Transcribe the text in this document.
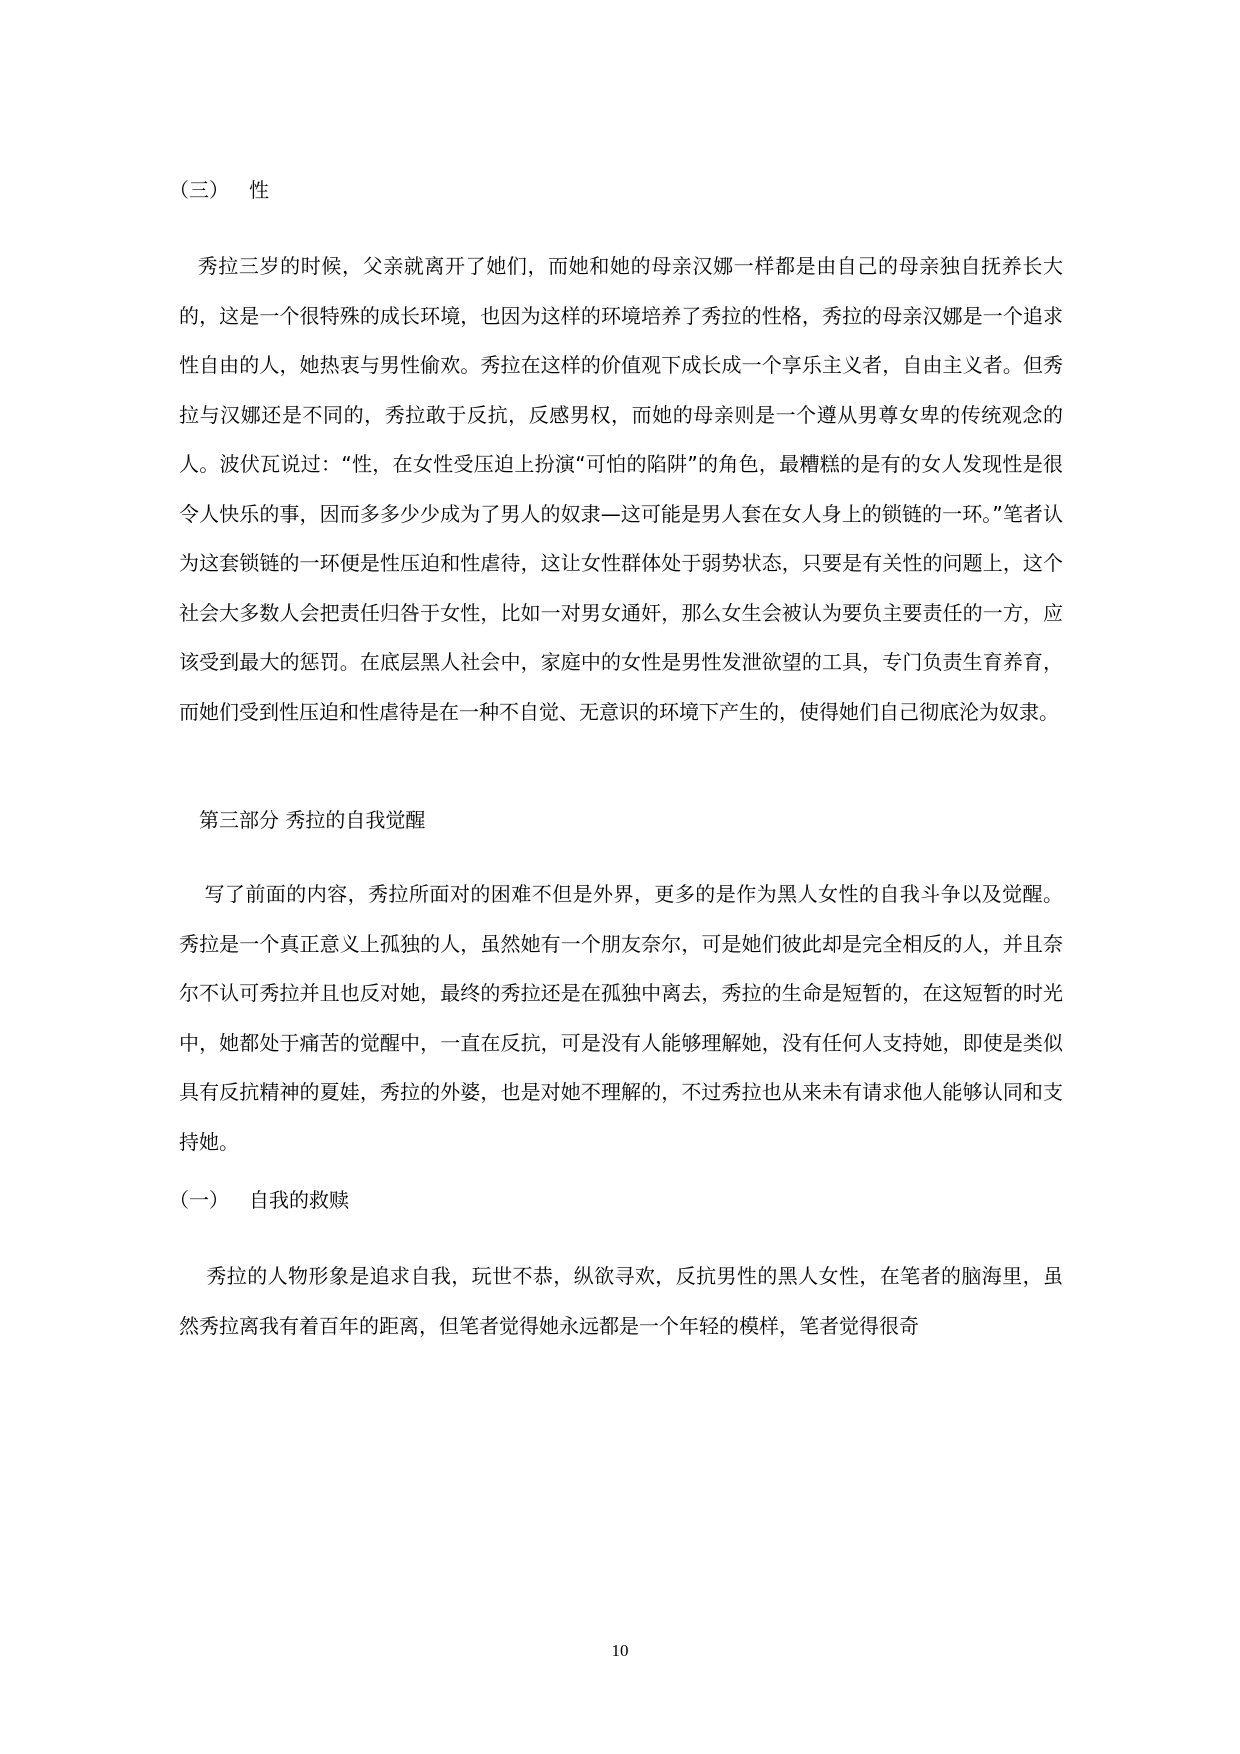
（三） 性
秀拉三岁的时候，父亲就离开了她们，而她和她的母亲汉娜一样都是由自己的母亲独自抚养长大的，这是一个很特殊的成长环境，也因为这样的环境培养了秀拉的性格，秀拉的母亲汉娜是一个追求性自由的人，她热衷与男性偷欢。秀拉在这样的价值观下成长成一个享乐主义者，自由主义者。但秀拉与汉娜还是不同的，秀拉敢于反抗，反感男权，而她的母亲则是一个遵从男尊女卑的传统观念的人。波伏瓦说过：“性，在女性受压迫上扮演“可怕的陷阱”的角色，最糟糕的是有的女人发现性是很令人快乐的事，因而多多少少成为了男人的奴隶—这可能是男人套在女人身上的锁链的一环。”笔者认为这套锁链的一环便是性压迫和性虐待，这让女性群体处于弱势状态，只要是有关性的问题上，这个社会大多数人会把责任归咎于女性，比如一对男女通奸，那么女生会被认为要负主要责任的一方，应该受到最大的惩罚。在底层黑人社会中，家庭中的女性是男性发泄欲望的工具，专门负责生育养育，而她们受到性压迫和性虐待是在一种不自觉、无意识的环境下产生的，使得她们自己彻底沦为奴隶。
第三部分 秀拉的自我觉醒
写了前面的内容，秀拉所面对的困难不但是外界，更多的是作为黑人女性的自我斗争以及觉醒。秀拉是一个真正意义上孤独的人，虽然她有一个朋友奈尔，可是她们彼此却是完全相反的人，并且奈尔不认可秀拉并且也反对她，最终的秀拉还是在孤独中离去，秀拉的生命是短暂的，在这短暂的时光中，她都处于痛苦的觉醒中，一直在反抗，可是没有人能够理解她，没有任何人支持她，即使是类似具有反抗精神的夏娃，秀拉的外婆，也是对她不理解的，不过秀拉也从来未有请求他人能够认同和支持她。
（一） 自我的救赎
秀拉的人物形象是追求自我，玩世不恭，纵欲寻欢，反抗男性的黑人女性，在笔者的脑海里，虽然秀拉离我有着百年的距离，但笔者觉得她永远都是一个年轻的模样，笔者觉得很奇
10
